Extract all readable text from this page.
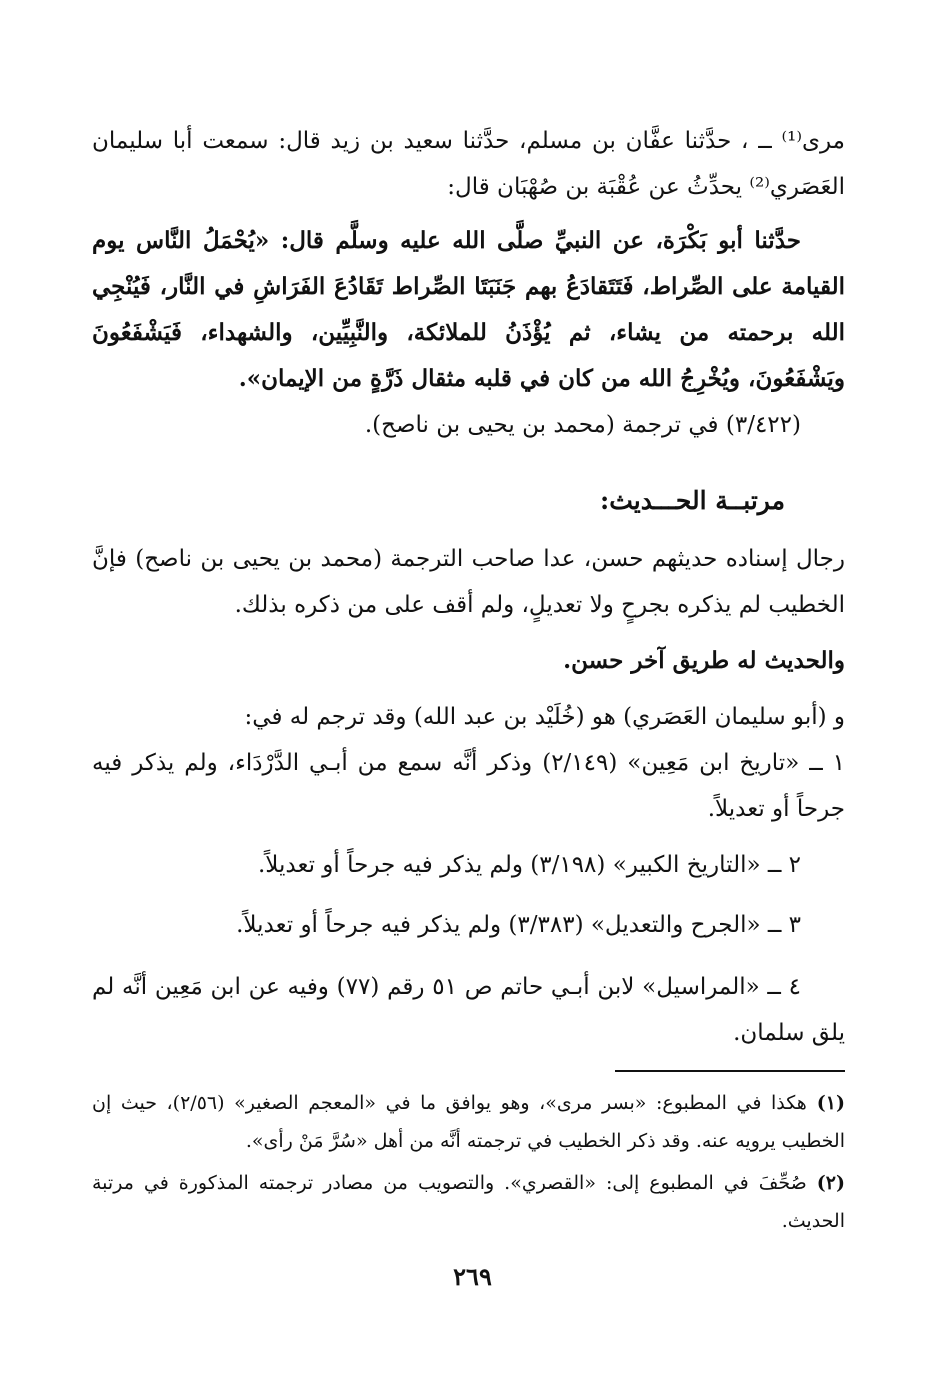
مرى⁽¹⁾ ــ ، حدَّثنا عفَّان بن مسلم، حدَّثنا سعيد بن زيد قال: سمعت أبا سليمان العَصَري⁽²⁾ يحدِّثُ عن عُقْبَة بن صُهْبَان قال:

حدَّثنا أبو بَكْرَة، عن النبيِّ صلَّى الله عليه وسلَّم قال: «يُحْمَلُ النَّاس يوم القيامة على الصِّراط، فَتَتَقادَعُ بهم جَنَبَتَا الصِّراط تَقَادُعَ الفَرَاشِ في النَّار، فَيُنْجِي الله برحمته من يشاء، ثم يُؤْذَنُ للملائكة، والنَّبِيِّين، والشهداء، فَيَشْفَعُونَ ويَشْفَعُونَ، ويُخْرِجُ الله من كان في قلبه مثقال ذَرَّةٍ من الإيمان».

(٣/٤٢٢) في ترجمة (محمد بن يحيى بن ناصح).

مرتبــة الحـــديث:

رجال إسناده حديثهم حسن، عدا صاحب الترجمة (محمد بن يحيى بن ناصح) فإنَّ الخطيب لم يذكره بجرحٍ ولا تعديلٍ، ولم أقف على من ذكره بذلك.

والحديث له طريق آخر حسن.

و (أبو سليمان العَصَري) هو (خُلَيْد بن عبد الله) وقد ترجم له في:

١ ــ «تاريخ ابن مَعِين» (٢/١٤٩) وذكر أنَّه سمع من أبـي الدَّرْدَاء، ولم يذكر فيه جرحاً أو تعديلاً.

٢ ــ «التاريخ الكبير» (٣/١٩٨) ولم يذكر فيه جرحاً أو تعديلاً.

٣ ــ «الجرح والتعديل» (٣/٣٨٣) ولم يذكر فيه جرحاً أو تعديلاً.

٤ ــ «المراسيل» لابن أبـي حاتم ص ٥١ رقم (٧٧) وفيه عن ابن مَعِين أنَّه لم يلق سلمان.

(١)هكذا في المطبوع: «بسر مرى»، وهو يوافق ما في «المعجم الصغير» (٢/٥٦)، حيث إن الخطيب يرويه عنه. وقد ذكر الخطيب في ترجمته أنَّه من أهل «سُرَّ مَنْ رأى».

(٢)صُحِّفَ في المطبوع إلى: «القصري». والتصويب من مصادر ترجمته المذكورة في مرتبة الحديث.

٢٦٩
